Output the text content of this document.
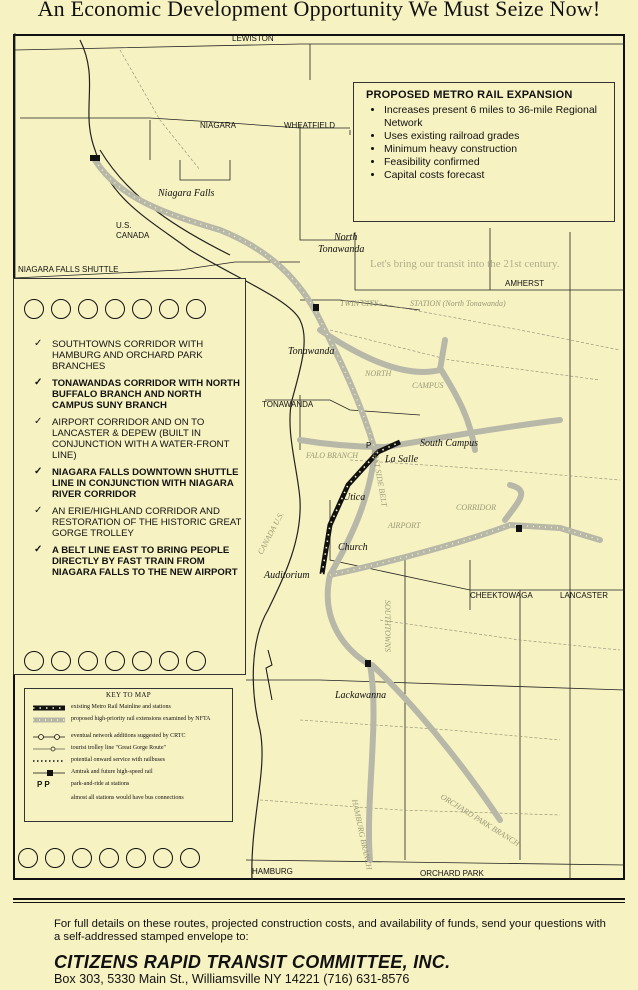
An Economic Development Opportunity We Must Seize Now!
LEWISTON
NIAGARA	WHEATFIELD
Niagara Falls
U.S.
CANADA
NIAGARA FALLS SHUTTLE
North
Tonawanda
AMHERST
TWIN CITY	STATION (North Tonawanda)
Tonawanda
TONAWANDA
NORTH
CAMPUS
South Campus
La Salle
Utica
Church
Auditorium
FALO BRANCH
CORRIDOR
AIRPORT
CHEEKTOWAGA	LANCASTER
Lackawanna
HAMBURG	ORCHARD PARK
ORCHARD PARK BRANCH
HAMBURG BRANCH
EAST SIDE BELT
SOUTHTOWNS
CANADA U.S.
P
PROPOSED METRO RAIL EXPANSION
• Increases present 6 miles to 36-mile Regional Network
• Uses existing railroad grades
• Minimum heavy construction
• Feasibility confirmed
• Capital costs forecast
Let's bring our transit into the 21st century.
✓ SOUTHTOWNS CORRIDOR WITH HAMBURG AND ORCHARD PARK BRANCHES
✓ TONAWANDAS CORRIDOR WITH NORTH BUFFALO BRANCH AND NORTH CAMPUS SUNY BRANCH
✓ AIRPORT CORRIDOR AND ON TO LANCASTER & DEPEW (BUILT IN CONJUNCTION WITH A WATER-FRONT LINE)
✓ NIAGARA FALLS DOWNTOWN SHUTTLE LINE IN CONJUNCTION WITH NIAGARA RIVER CORRIDOR
✓ AN ERIE/HIGHLAND CORRIDOR AND RESTORATION OF THE HISTORIC GREAT GORGE TROLLEY
✓ A BELT LINE EAST TO BRING PEOPLE DIRECTLY BY FAST TRAIN FROM NIAGARA FALLS TO THE NEW AIRPORT
KEY TO MAP
existing Metro Rail Mainline and stations
proposed high-priority rail extensions examined by NFTA
eventual network additions suggested by CRTC
tourist trolley line "Great Gorge Route"
potential onward service with railbuses
Amtrak and future high-speed rail
P P	park-and-ride at stations
almost all stations would have bus connections
For full details on these routes, projected construction costs, and availability of funds, send your questions with a self-addressed stamped envelope to:
CITIZENS RAPID TRANSIT COMMITTEE, INC.
Box 303, 5330 Main St., Williamsville NY 14221 (716) 631-8576
